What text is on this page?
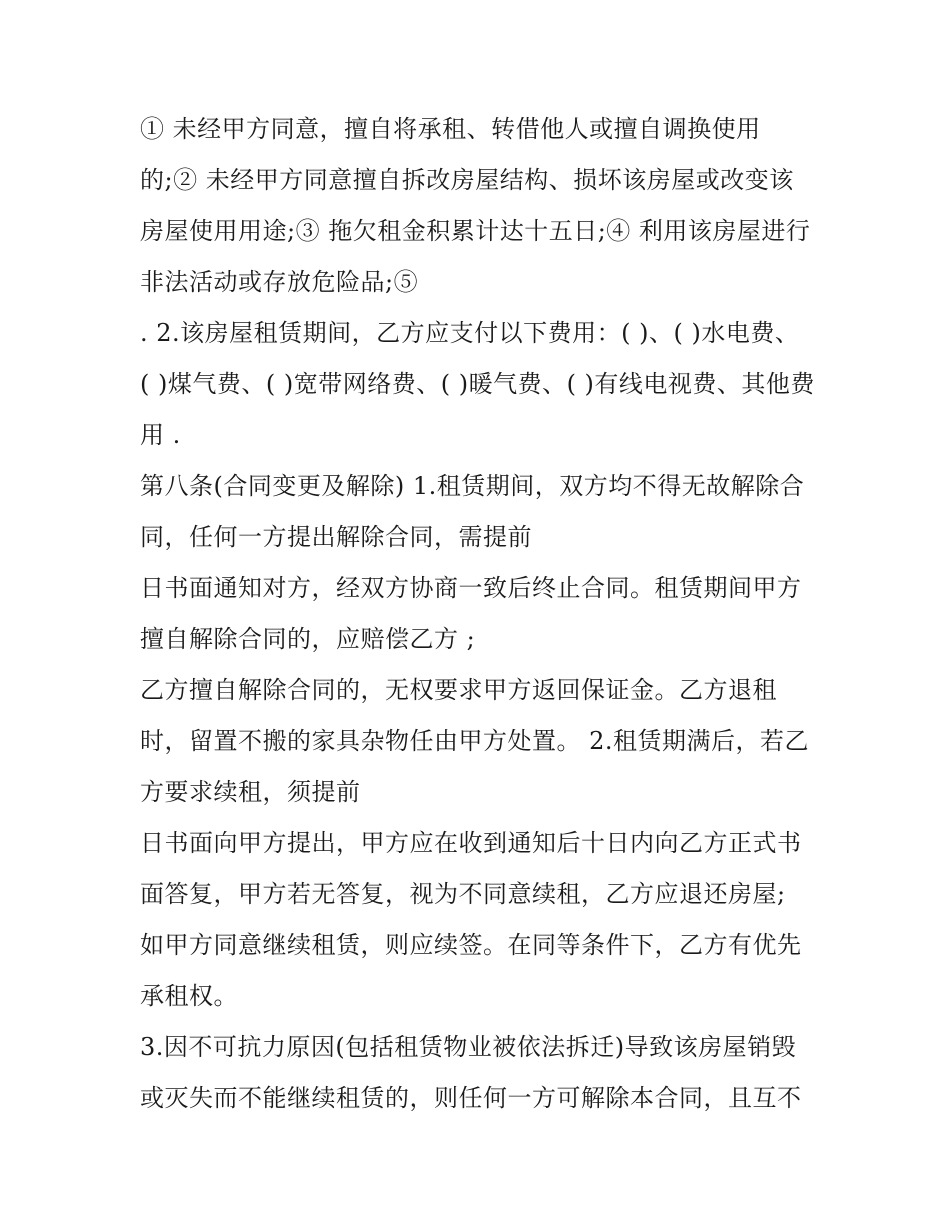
① 未经甲方同意，擅自将承租、转借他人或擅自调换使用
的;② 未经甲方同意擅自拆改房屋结构、损坏该房屋或改变该
房屋使用用途;③ 拖欠租金积累计达十五日;④ 利用该房屋进行
非法活动或存放危险品;⑤
. 2.该房屋租赁期间，乙方应支付以下费用：( )、( )水电费、
( )煤气费、( )宽带网络费、( )暖气费、( )有线电视费、其他费
用 .
第八条(合同变更及解除) 1.租赁期间，双方均不得无故解除合
同，任何一方提出解除合同，需提前
日书面通知对方，经双方协商一致后终止合同。租赁期间甲方
擅自解除合同的，应赔偿乙方 ;
乙方擅自解除合同的，无权要求甲方返回保证金。乙方退租
时，留置不搬的家具杂物任由甲方处置。 2.租赁期满后，若乙
方要求续租，须提前
日书面向甲方提出，甲方应在收到通知后十日内向乙方正式书
面答复，甲方若无答复，视为不同意续租，乙方应退还房屋;
如甲方同意继续租赁，则应续签。在同等条件下，乙方有优先
承租权。
3.因不可抗力原因(包括租赁物业被依法拆迁)导致该房屋销毁
或灭失而不能继续租赁的，则任何一方可解除本合同，且互不
